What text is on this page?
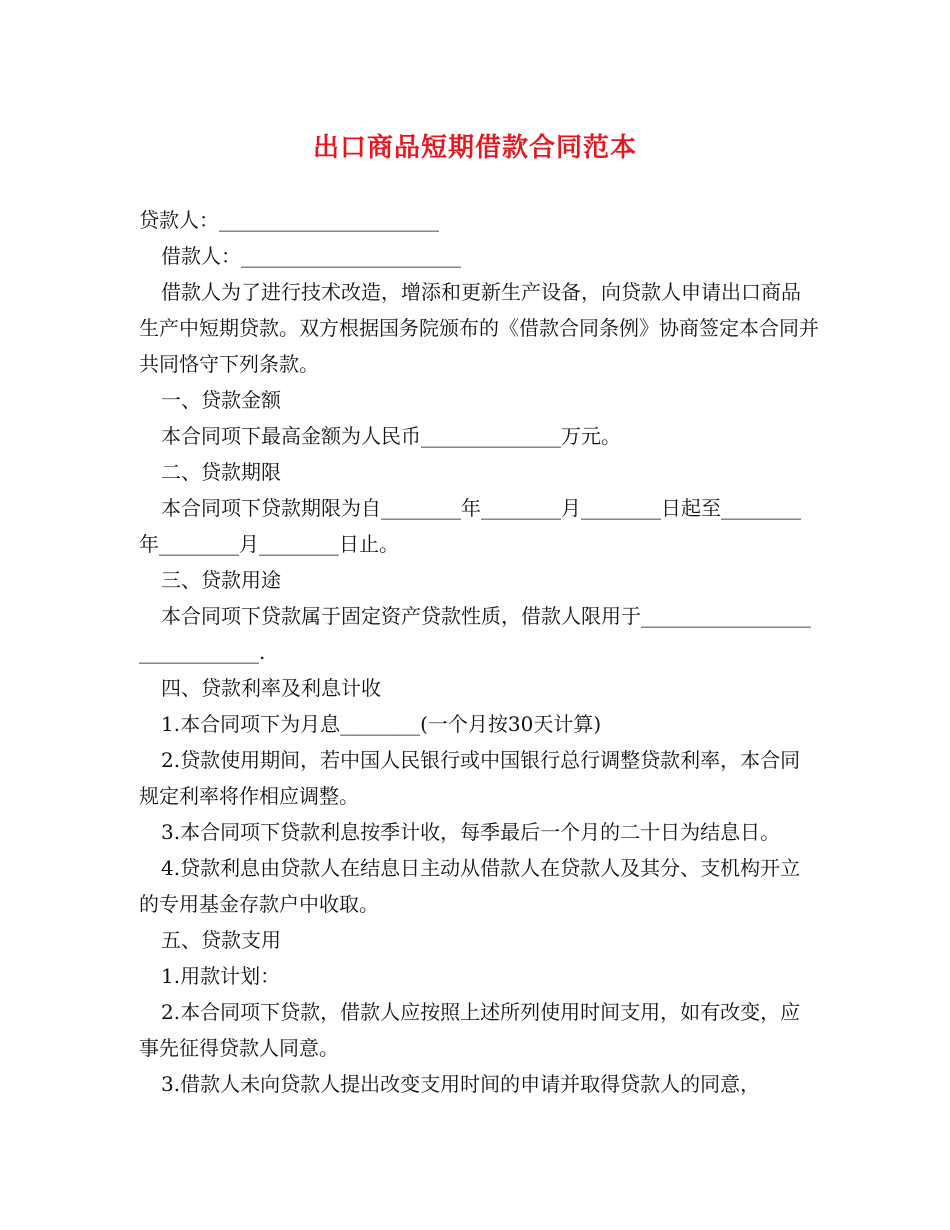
出口商品短期借款合同范本

贷款人：______________________

借款人：______________________

借款人为了进行技术改造，增添和更新生产设备，向贷款人申请出口商品生产中短期贷款。双方根据国务院颁布的《借款合同条例》协商签定本合同并共同恪守下列条款。

一、贷款金额

本合同项下最高金额为人民币______________万元。

二、贷款期限

本合同项下贷款期限为自________年________月________日起至________年________月________日止。

三、贷款用途

本合同项下贷款属于固定资产贷款性质，借款人限用于_____________________________.

四、贷款利率及利息计收

1.本合同项下为月息________(一个月按30天计算)

2.贷款使用期间，若中国人民银行或中国银行总行调整贷款利率，本合同规定利率将作相应调整。

3.本合同项下贷款利息按季计收，每季最后一个月的二十日为结息日。

4.贷款利息由贷款人在结息日主动从借款人在贷款人及其分、支机构开立的专用基金存款户中收取。

五、贷款支用

1.用款计划：

2.本合同项下贷款，借款人应按照上述所列使用时间支用，如有改变，应事先征得贷款人同意。

3.借款人未向贷款人提出改变支用时间的申请并取得贷款人的同意，
